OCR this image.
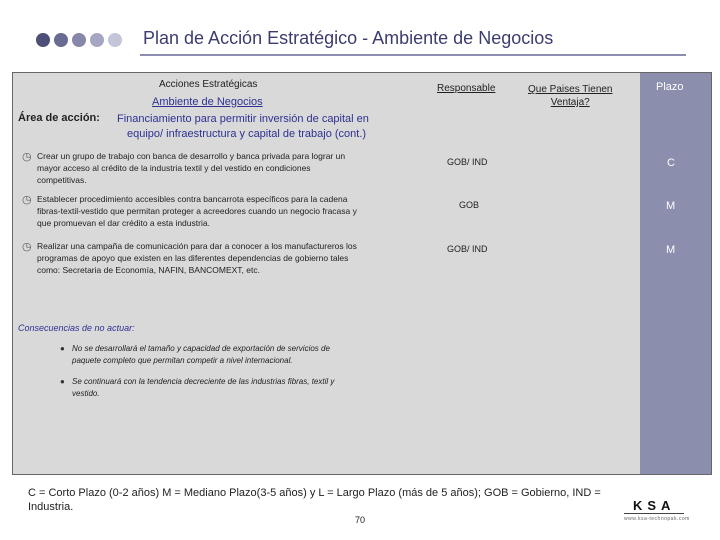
Plan de Acción Estratégico - Ambiente de Negocios
Acciones Estratégicas	Responsable	Que Paises Tienen
Ventaja?
Plazo
Ambiente de Negocios
Área de acción: Financiamiento para permitir inversión de capital en
equipo/ infraestructura y capital de trabajo (cont.)
◷ Crear un grupo de trabajo con banca de desarrollo y banca privada para lograr un
mayor acceso al crédito de la industria textil y del vestido en condiciones
competitivas.
GOB/ IND	C
◷ Establecer procedimiento accesibles contra bancarrota específicos para la cadena
fibras-textil-vestido que permitan proteger a acreedores cuando un negocio fracasa y
que promuevan el dar crédito a esta industria.
GOB	M
◷ Realizar una campaña de comunicación para dar a conocer a los manufactureros los
programas de apoyo que existen en las diferentes dependencias de gobierno tales
como: Secretaria de Economía, NAFIN, BANCOMEXT, etc.
GOB/ IND	M
Consecuencias de no actuar:
● No se desarrollará el tamaño y capacidad de exportación de servicios de
paquete completo que permitan competir a nivel internacional.
● Se continuará con la tendencia decreciente de las industrias fibras, textil y
vestido.
C = Corto Plazo (0-2 años) M = Mediano Plazo(3-5 años) y L = Largo Plazo (más de 5 años); GOB = Gobierno, IND = Industria.
70
KSA
www.ksa-technopak.com
